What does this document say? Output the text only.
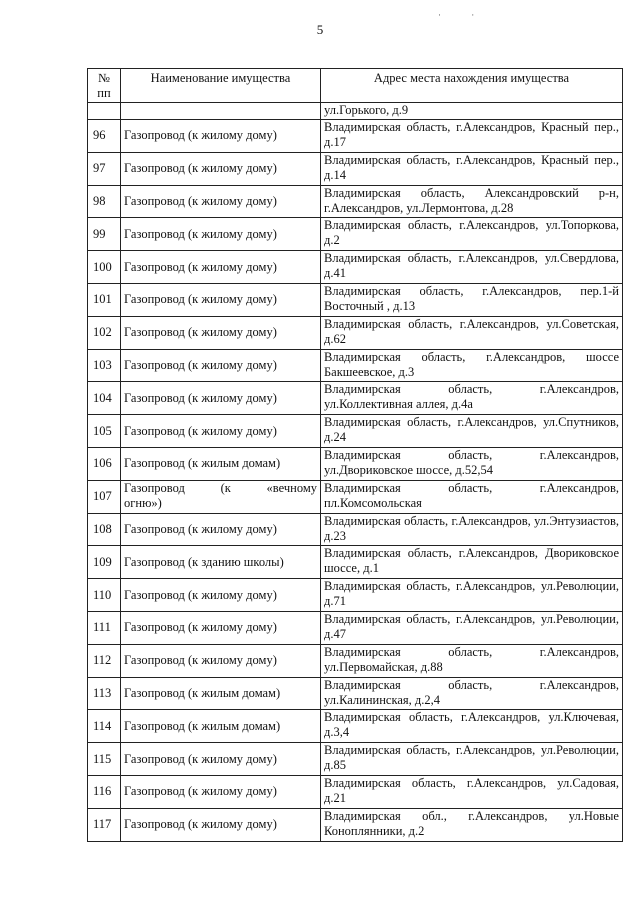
· ·
5
№
пп	Наименование имущества	Адрес места нахождения имущества
		ул.Горького, д.9
96	Газопровод (к жилому дому)	Владимирская область, г.Александров, Красный пер., д.17
97	Газопровод (к жилому дому)	Владимирская область, г.Александров, Красный пер., д.14
98	Газопровод (к жилому дому)	Владимирская область, Александровский р-н, г.Александров, ул.Лермонтова, д.28
99	Газопровод (к жилому дому)	Владимирская область, г.Александров, ул.Топоркова, д.2
100	Газопровод (к жилому дому)	Владимирская область, г.Александров, ул.Свердлова, д.41
101	Газопровод (к жилому дому)	Владимирская область, г.Александров, пер.1-й Восточный , д.13
102	Газопровод (к жилому дому)	Владимирская область, г.Александров, ул.Советская, д.62
103	Газопровод (к жилому дому)	Владимирская область, г.Александров, шоссе Бакшеевское, д.3
104	Газопровод (к жилому дому)	Владимирская область, г.Александров, ул.Коллективная аллея, д.4а
105	Газопровод (к жилому дому)	Владимирская область, г.Александров, ул.Спутников, д.24
106	Газопровод (к жилым домам)	Владимирская область, г.Александров, ул.Двориковское шоссе, д.52,54
107	Газопровод (к «вечному
огню»)	Владимирская область, г.Александров, пл.Комсомольская
108	Газопровод (к жилому дому)	Владимирская область, г.Александров, ул.Энтузиастов, д.23
109	Газопровод (к зданию школы)	Владимирская область, г.Александров, Двориковское шоссе, д.1
110	Газопровод (к жилому дому)	Владимирская область, г.Александров, ул.Революции, д.71
111	Газопровод (к жилому дому)	Владимирская область, г.Александров, ул.Революции, д.47
112	Газопровод (к жилому дому)	Владимирская область, г.Александров, ул.Первомайская, д.88
113	Газопровод (к жилым домам)	Владимирская область, г.Александров, ул.Калининская, д.2,4
114	Газопровод (к жилым домам)	Владимирская область, г.Александров, ул.Ключевая, д.3,4
115	Газопровод (к жилому дому)	Владимирская область, г.Александров, ул.Революции, д.85
116	Газопровод (к жилому дому)	Владимирская область, г.Александров, ул.Садовая, д.21
117	Газопровод (к жилому дому)	Владимирская обл., г.Александров, ул.Новые Коноплянники, д.2
